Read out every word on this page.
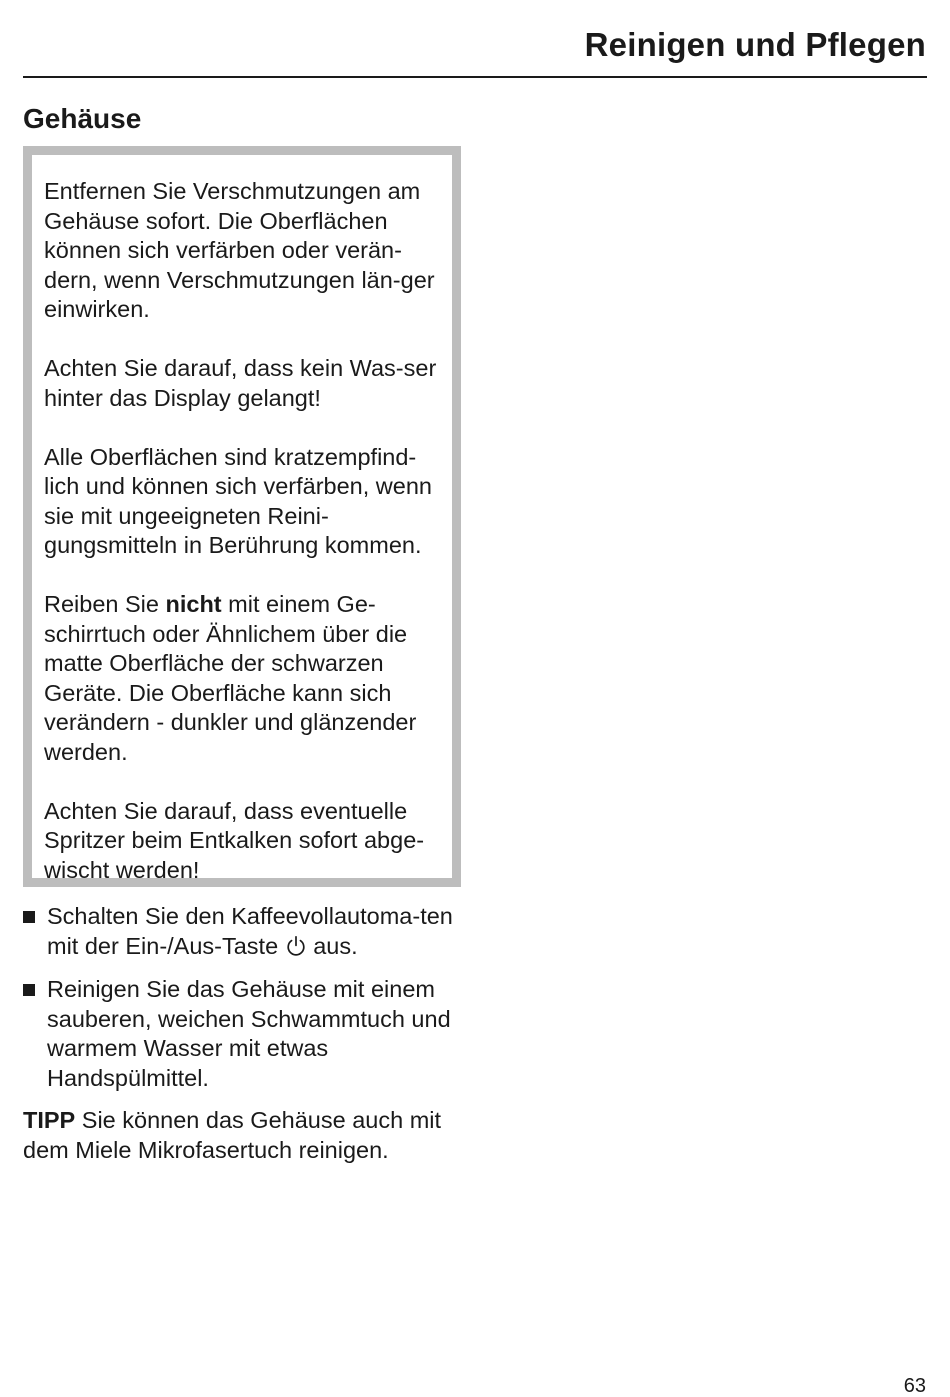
Reinigen und Pflegen
Gehäuse

Entfernen Sie Verschmutzungen am Gehäuse sofort. Die Oberflächen können sich verfärben oder verän-dern, wenn Verschmutzungen län-ger einwirken.

Achten Sie darauf, dass kein Was-ser hinter das Display gelangt!

Alle Oberflächen sind kratzempfind-lich und können sich verfärben, wenn sie mit ungeeigneten Reini-gungsmitteln in Berührung kommen.

Reiben Sie nicht mit einem Ge-schirrtuch oder Ähnlichem über die matte Oberfläche der schwarzen Geräte. Die Oberfläche kann sich verändern - dunkler und glänzender werden.

Achten Sie darauf, dass eventuelle Spritzer beim Entkalken sofort abge-wischt werden!

Schalten Sie den Kaffeevollautoma-ten mit der Ein-/Aus-Taste  aus.
Reinigen Sie das Gehäuse mit einem sauberen, weichen Schwammtuch und warmem Wasser mit etwas Handspülmittel.

TIPP Sie können das Gehäuse auch mit dem Miele Mikrofasertuch reinigen.

63
